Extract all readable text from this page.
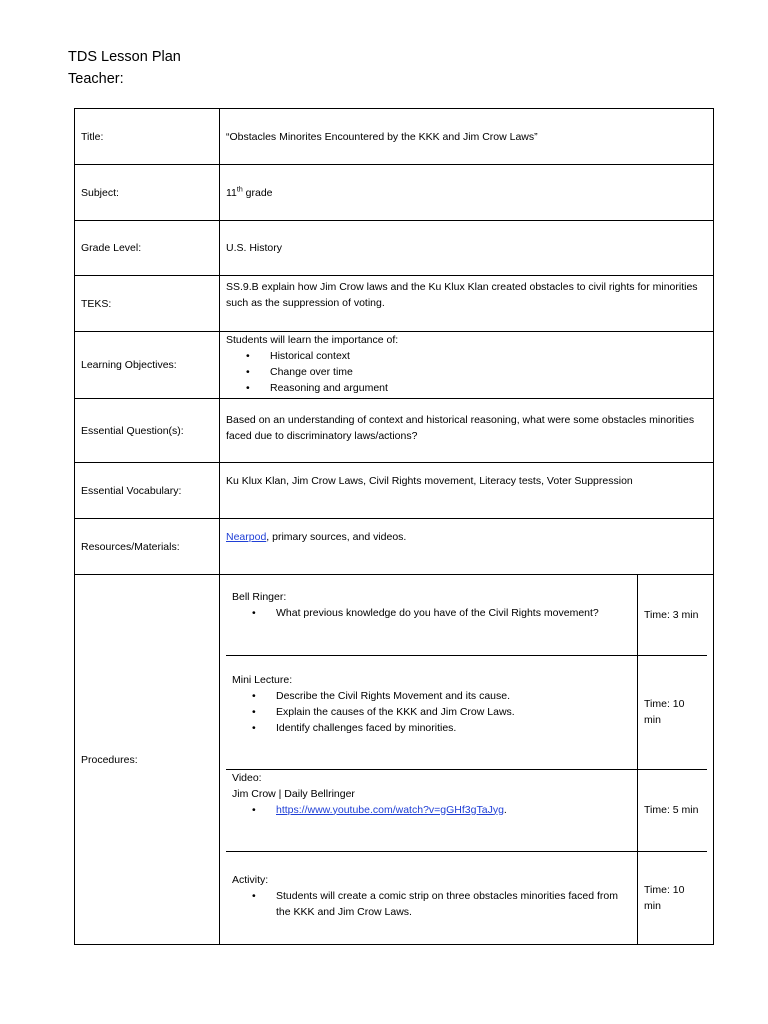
TDS Lesson Plan
Teacher:
Title:	“Obstacles Minorites Encountered by the KKK and Jim Crow Laws”
Subject:	11th grade
Grade Level:	U.S. History
TEKS:	SS.9.B explain how Jim Crow laws and the Ku Klux Klan created obstacles to civil rights for minorities such as the suppression of voting.
Learning Objectives:	
Students will learn the importance of:
• Historical context
• Change over time
• Reasoning and argument

Essential Question(s):	Based on an understanding of context and historical reasoning, what were some obstacles minorities faced due to discriminatory laws/actions?
Essential Vocabulary:	Ku Klux Klan, Jim Crow Laws, Civil Rights movement, Literacy tests, Voter Suppression
Resources/Materials:	Nearpod, primary sources, and videos.
Procedures:	
Bell Ringer:
• What previous knowledge do you have of the Civil Rights movement?	Time: 3 min

Mini Lecture:
• Describe the Civil Rights Movement and its cause.
• Explain the causes of the KKK and Jim Crow Laws.
• Identify challenges faced by minorities.
	Time: 10 min

Video:
Jim Crow | Daily Bellringer
• https://www.youtube.com/watch?v=gGHf3gTaJyg.	Time: 5 min

Activity:
• Students will create a comic strip on three obstacles minorities faced from the KKK and Jim Crow Laws.
	Time: 10 min
